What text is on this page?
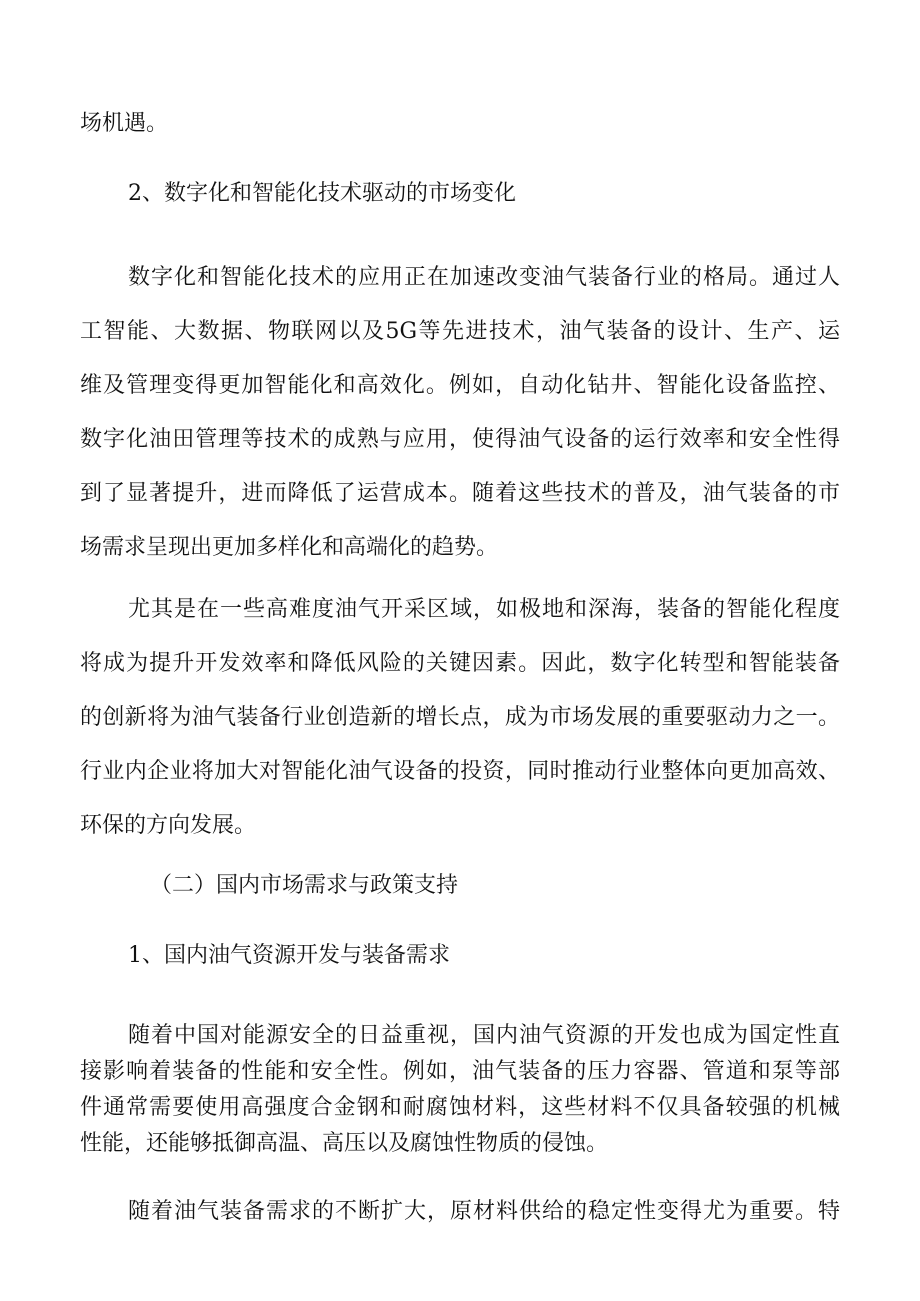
场机遇。
2、数字化和智能化技术驱动的市场变化
数字化和智能化技术的应用正在加速改变油气装备行业的格局。通过人
工智能、大数据、物联网以及5G等先进技术，油气装备的设计、生产、运
维及管理变得更加智能化和高效化。例如，自动化钻井、智能化设备监控、
数字化油田管理等技术的成熟与应用，使得油气设备的运行效率和安全性得
到了显著提升，进而降低了运营成本。随着这些技术的普及，油气装备的市
场需求呈现出更加多样化和高端化的趋势。
尤其是在一些高难度油气开采区域，如极地和深海，装备的智能化程度
将成为提升开发效率和降低风险的关键因素。因此，数字化转型和智能装备
的创新将为油气装备行业创造新的增长点，成为市场发展的重要驱动力之一。
行业内企业将加大对智能化油气设备的投资，同时推动行业整体向更加高效、
环保的方向发展。
（二）国内市场需求与政策支持
1、国内油气资源开发与装备需求
随着中国对能源安全的日益重视，国内油气资源的开发也成为国定性直
接影响着装备的性能和安全性。例如，油气装备的压力容器、管道和泵等部
件通常需要使用高强度合金钢和耐腐蚀材料，这些材料不仅具备较强的机械
性能，还能够抵御高温、高压以及腐蚀性物质的侵蚀。
随着油气装备需求的不断扩大，原材料供给的稳定性变得尤为重要。特
